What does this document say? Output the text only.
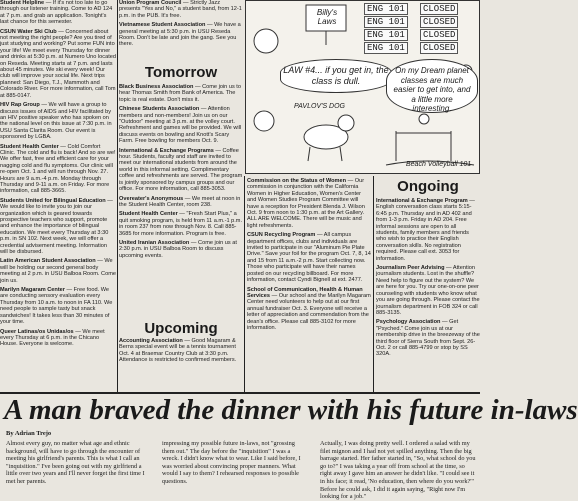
Student Helpline — If it's not too late to go through our listener training. Come to AD 124 at 7 p.m. and grab an application. Tonight's last chance for this semester.
CSUN Water Ski Club — Concerned about not meeting the right people? Are you tired of just studying and working? Put some FUN into your life! We meet every Thursday for dinner and drinks at 5:30 p.m. at Numero Uno located on Reseda. Meeting starts at 7 p.m. and lasts about 45 minutes. We ski every week! Our club will improve your social life. Next trips planned: San Diego, T.J., Mammoth and Colorado River. For more information, call Tom at 885-0147.
HIV Rap Group — We will have a group to discuss issues of AIDS and HIV facilitated by an HIV positive speaker who has spoken on the national level on this issue at 7:30 p.m. in USU Santa Clarita Room. Our event is sponsored by LGBA.
Student Health Center — Cold Comfort Clinic. The cold and flu is back! And so are we! We offer fast, free and efficient care for your nagging cold and flu symptoms. Our clinic will re-open Oct. 1 and will run through Nov. 27. Hours are 9 a.m.-4 p.m. Monday through Thursday and 9-11 a.m. on Friday. For more information, call 885-3665.
Students United for Bilingual Education — We would like to invite you to join our organization which is geared towards prospective teachers who support, promote and enhance the importance of bilingual education. We meet every Thursday at 3:30 p.m. in SN 102. Next week, we will offer a credential advisement meeting. Information will be disbursed.
Latin American Student Association — We will be holding our second general body meeting at 2 p.m. in USU Balboa Room. Come join us.
Marilyn Magaram Center — Free food. We are conducting sensory evaluation every Thursday from 10 a.m. to noon in FA 110. We need people to sample tasty but snack sandwiches! It takes less than 30 minutes of your time.
Queer Latinas/os Unidas/os — We meet every Thursday at 6 p.m. in the Chicano House. Everyone is welcome.
Union Program Council — Strictly Jazz presents "Yes and No," a student band, from 12-1 p.m. in the PUB. It's free.
Vietnamese Student Association — We have a general meeting at 5:30 p.m. in USU Reseda Room. Don't be late and join the gang. See you there.
Tomorrow
Black Business Association — Come join us to hear Thomas Smith from Bank of America. The topic is real estate. Don't miss it.
Chinese Students Association — Attention members and non-members! Join us on our "Outdoor" meeting at 3 p.m. at the volley court. Refreshment and games will be provided. We will discuss events on bowling and Knott's Scary Farm. Free bowling for members Oct. 9.
International & Exchange Programs — Coffee hour. Students, faculty and staff are invited to meet our international students from around the world in this informal setting. Complimentary coffee and refreshments are served. The program is jointly sponsored by campus groups and our office. For more information, call 885-3053.
Overeater's Anonymous — We meet at noon in the Student Health Center, room 238.
Student Health Center — "Fresh Start Plus," a quit smoking program, is held from 11 a.m.-1 p.m. in room 237 from now through Nov. 8. Call 885-3685 for more information. Program is free.
United Iranian Association — Come join us at 2:30 p.m. in USU Balboa Room to discuss upcoming events.
Upcoming
Accounting Association — Good Magaram & Berns special event will be a tennis tournament Oct. 4 at Braemar Country Club at 3:30 p.m. Attendance is restricted to confirmed members.
ENG 101
ENG 101
ENG 101
ENG 101
CLOSED
CLOSED
CLOSED
CLOSED
Billy's Laws
LAW #4... if you get in, the class is dull.
PAVLOV'S DOG
On my Dream planet classes are much easier to get into, and a little more interesting.
Beach Volleyball 101
Commission on the Status of Women — Our commission in conjunction with the California Women in Higher Education, Women's Center and Women Studies Program Committee will have a reception for President Blenda J. Wilson Oct. 9 from noon to 1:30 p.m. at the Art Gallery. ALL ARE WELCOME. There will be music and light refreshments.
CSUN Recycling Program — All campus department offices, clubs and individuals are invited to participate in our "Aluminum Pie Plate Drive." Save your foil for the program Oct. 7, 8, 14 and 15 from 11 a.m.-2 p.m. Start collecting now. Those who participate will have their names posted on our recycling billboard. For more information, contact Cyndi Bignell at ext. 2477.
School of Communication, Health & Human Services — Our school and the Marilyn Magaram Center need volunteers to help out at our first annual fundraiser Oct. 3. Everyone will receive a letter of appreciation and commendation from the dean's office. Please call 885-3102 for more information.
Ongoing
International & Exchange Program — English conversation class starts 5:15-6:45 p.m. Thursday and in AD 402 and from 1-3 p.m. Friday in AD 204. Free informal sessions are open to all students, family members and friends who wish to practice their English conversation skills. No registration required. Please call ext. 3053 for information.
Journalism Peer Advising — Attention journalism students. Lost in the shuffle? Need help to figure out the system? We are here for you. Try our one-on-one peer counseling with students who know what you are going through. Please contact the journalism department in FOB 324 or call 885-3135.
Psychology Association — Get "Psyched." Come join us at our membership drive in the breezeway of the third floor of Sierra South from Sept. 26- Oct. 2 or call 885-4799 or stop by SS 320A.
A man braved the dinner with his future in-laws
By Adrian Trejo
Almost every guy, no matter what age and ethnic background, will have to go through the encounter of meeting his girlfriend's parents. This is what I call an "inquisition." I've been going out with my girlfriend a little over two years and I'll never forget the first time I met her parents.
impressing my possible future in-laws, not "grossing them out." The day before the "inquisition" I was a wreck. I didn't know what to wear. Like I said before, I was worried about convincing proper manners. What would I say to them? I rehearsed responses to possible questions.
Actually, I was doing pretty well. I ordered a salad with my filet mignon and I had not yet spilled anything. Then the big barrage started. Her father started in, "So, what school do you go to?" I was taking a year off from school at the time, so right away I gave him an answer he didn't like. "I could see it in his face; it read, 'No education, then where do you work?'" Before he could ask, I did it again saying, "Right now I'm looking for a job."
